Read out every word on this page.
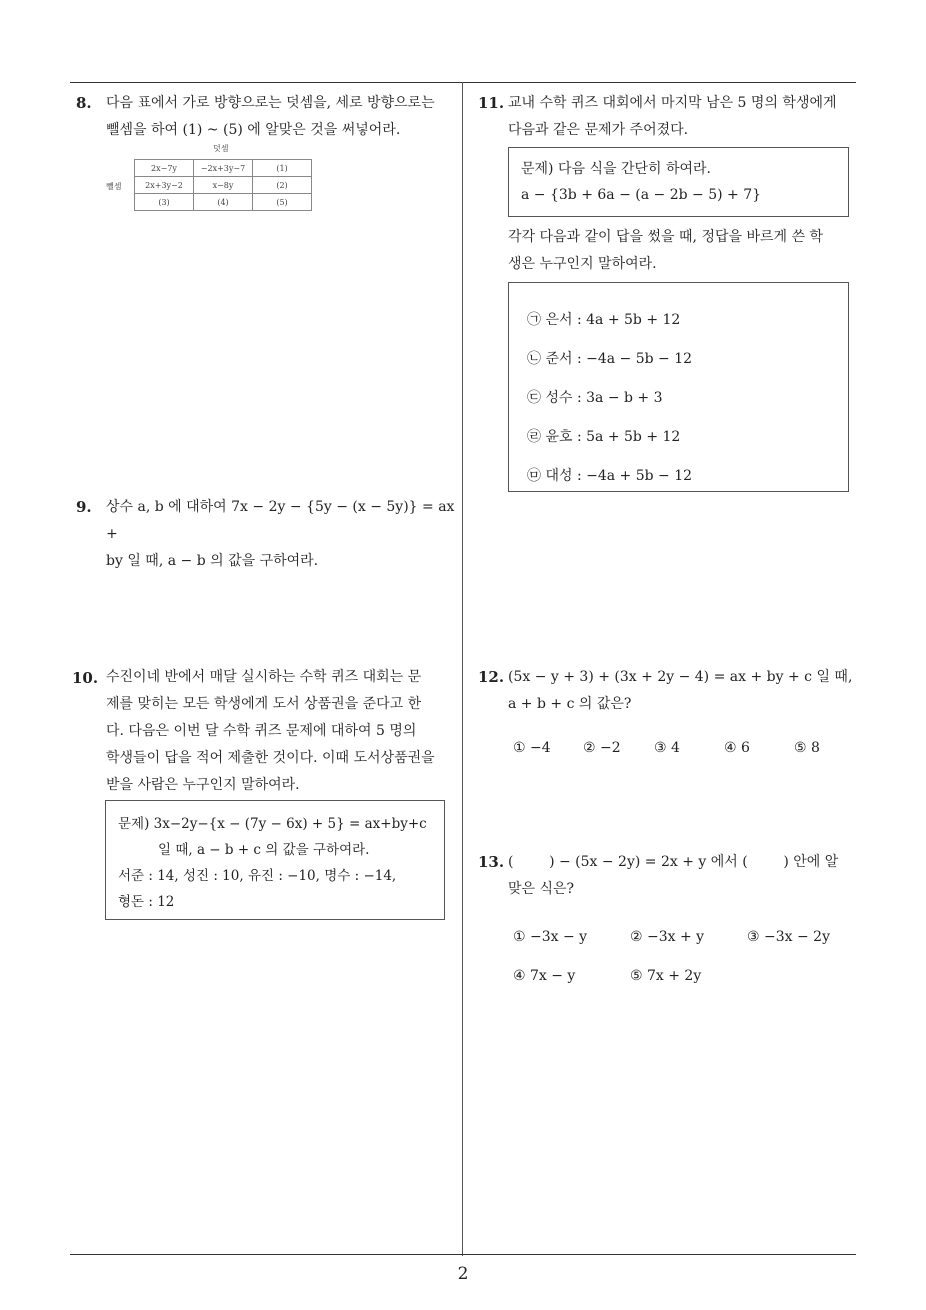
8. 다음 표에서 가로 방향으로는 덧셈을, 세로 방향으로는
뺄셈을 하여 (1) ~ (5) 에 알맞은 것을 써넣어라.
덧셈
뺄셈
2x−7y	−2x+3y−7	(1)
2x+3y−2	x−8y	(2)
(3)	(4)	(5)
9. 상수 a, b 에 대하여 7x − 2y − {5y − (x − 5y)} = ax +
by 일 때, a − b 의 값을 구하여라.
10. 수진이네 반에서 매달 실시하는 수학 퀴즈 대회는 문
제를 맞히는 모든 학생에게 도서 상품권을 준다고 한
다. 다음은 이번 달 수학 퀴즈 문제에 대하여 5 명의
학생들이 답을 적어 제출한 것이다. 이때 도서상품권을
받을 사람은 누구인지 말하여라.
문제) 3x−2y−{x − (7y − 6x) + 5} = ax+by+c
일 때, a − b + c 의 값을 구하여라.
서준 : 14, 성진 : 10, 유진 : −10, 명수 : −14,
형돈 : 12
11. 교내 수학 퀴즈 대회에서 마지막 남은 5 명의 학생에게
다음과 같은 문제가 주어졌다.
문제) 다음 식을 간단히 하여라.
a − {3b + 6a − (a − 2b − 5) + 7}
각각 다음과 같이 답을 썼을 때, 정답을 바르게 쓴 학
생은 누구인지 말하여라.
㉠ 은서 : 4a + 5b + 12
㉡ 준서 : −4a − 5b − 12
㉢ 성수 : 3a − b + 3
㉣ 윤호 : 5a + 5b + 12
㉤ 대성 : −4a + 5b − 12
12. (5x − y + 3) + (3x + 2y − 4) = ax + by + c 일 때,
a + b + c 의 값은?
① −4 ② −2 ③ 4	④ 6	⑤ 8
13. (        ) − (5x − 2y) = 2x + y 에서 (        ) 안에 알
맞은 식은?
① −3x − y	② −3x + y	③ −3x − 2y
④ 7x − y	⑤ 7x + 2y
2
